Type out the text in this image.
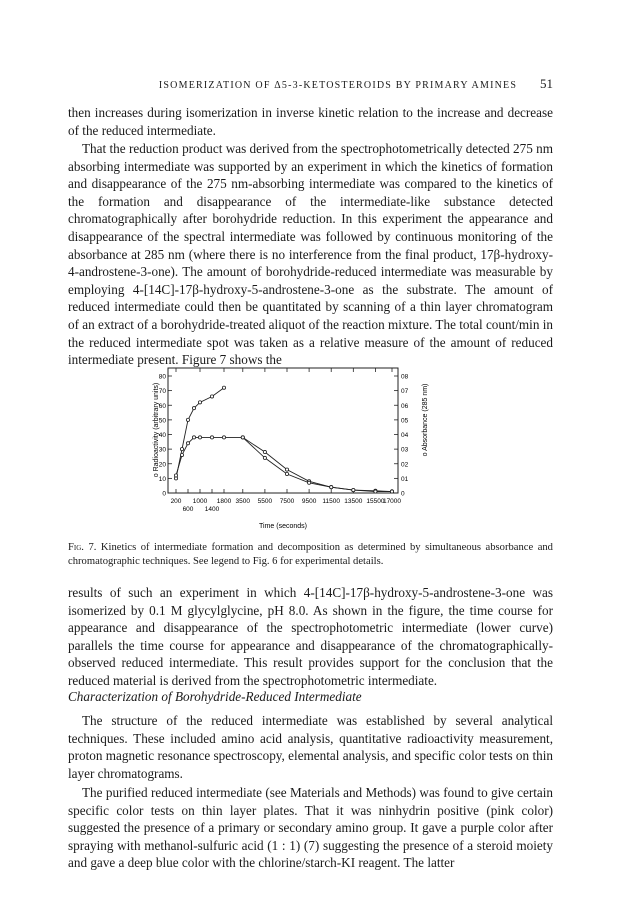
ISOMERIZATION OF Δ5-3-KETOSTEROIDS BY PRIMARY AMINES	51

then increases during isomerization in inverse kinetic relation to the increase and decrease of the reduced intermediate.

That the reduction product was derived from the spectrophotometrically detected 275 nm absorbing intermediate was supported by an experiment in which the kinetics of formation and disappearance of the 275 nm-absorbing intermediate was compared to the kinetics of the formation and disappearance of the intermediate-like substance detected chromatographically after borohydride reduction. In this experiment the appearance and disappearance of the spectral intermediate was followed by continuous monitoring of the absorbance at 285 nm (where there is no interference from the final product, 17β-hydroxy-4-androstene-3-one). The amount of borohydride-reduced intermediate was measurable by employing 4-[14C]-17β-hydroxy-5-androstene-3-one as the substrate. The amount of reduced intermediate could then be quantitated by scanning of a thin layer chromatogram of an extract of a borohydride-treated aliquot of the reaction mixture. The total count/min in the reduced intermediate spot was taken as a relative measure of the amount of reduced intermediate present. Figure 7 shows the

200 1000 1800 3500 5500 7500 9500 11500 13500 15500
17000
600 1400
0
10
20
30
40
50
60
70
80
0
01
02
03
04
05
06
07
08
Time (seconds)
o Radioactivity (arbitrary units)	o Absorbance (285 nm)

Fig. 7. Kinetics of intermediate formation and decomposition as determined by simultaneous absorbance and chromatographic techniques. See legend to Fig. 6 for experimental details.

results of such an experiment in which 4-[14C]-17β-hydroxy-5-androstene-3-one was isomerized by 0.1 M glycylglycine, pH 8.0. As shown in the figure, the time course for appearance and disappearance of the spectrophotometric intermediate (lower curve) parallels the time course for appearance and disappearance of the chromatographically-observed reduced intermediate. This result provides support for the conclusion that the reduced material is derived from the spectrophotometric intermediate.

Characterization of Borohydride-Reduced Intermediate

The structure of the reduced intermediate was established by several analytical techniques. These included amino acid analysis, quantitative radioactivity measurement, proton magnetic resonance spectroscopy, elemental analysis, and specific color tests on thin layer chromatograms.

The purified reduced intermediate (see Materials and Methods) was found to give certain specific color tests on thin layer plates. That it was ninhydrin positive (pink color) suggested the presence of a primary or secondary amino group. It gave a purple color after spraying with methanol-sulfuric acid (1 : 1) (7) suggesting the presence of a steroid moiety and gave a deep blue color with the chlorine/starch-KI reagent. The latter
